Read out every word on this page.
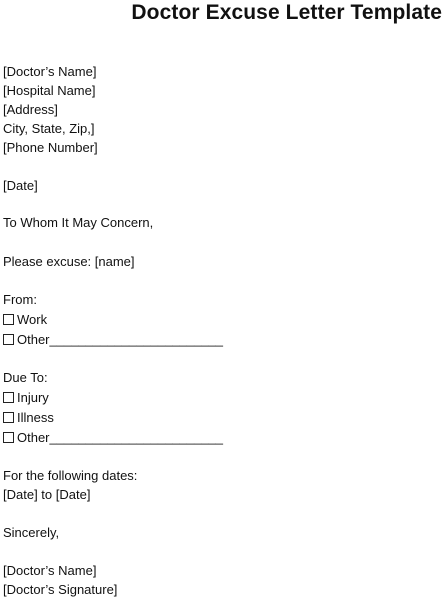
Doctor Excuse Letter Template
[Doctor’s Name]
[Hospital Name]
[Address]
City, State, Zip,]
[Phone Number]
[Date]
To Whom It May Concern,
Please excuse: [name]
From:
Work
Other________________________
Due To:
Injury
Illness
Other________________________
For the following dates:
[Date] to [Date]
Sincerely,
[Doctor’s Name]
[Doctor’s Signature]
